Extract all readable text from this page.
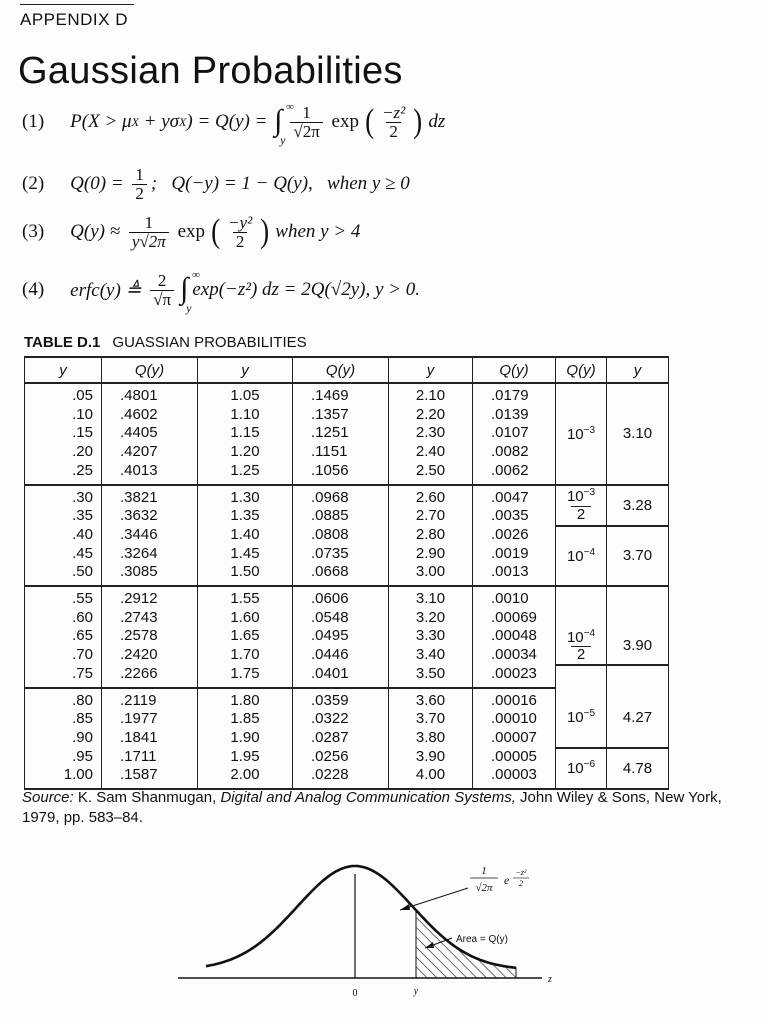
APPENDIX D
Gaussian Probabilities
(1) P(X > μ X + yσ X ) = Q(y) = ∫ ∞
y $\frac{1}{√2\pi}$ exp ( $\frac{\text{−z²}}{2}$ ) dz
(2) $Q(0) = \frac{1}{2}$ ;   Q(−y) = 1 − Q(y),   when y ≥ 0
(3) $Q(y) \approx \frac{1}{y√2\pi}$ exp ( $\frac{\text{−y²}}{2}$ ) when y > 4
(4) erfc(y) ≜ $\frac{2}{√\pi}$ ∫ ∞
y
exp(−z²) dz = 2Q(√2y), y > 0.
TABLE D.1 GUASSIAN PROBABILITIES
y	Q(y)	y	Q(y)	y	Q(y)	Q(y)	y
.05	.4801	1.05	.1469	2.10	.0179	$10^{-3}$	3.10
.10	.4602	1.10	.1357	2.20	.0139		
.15	.4405	1.15	.1251	2.30	.0107		
.20	.4207	1.20	.1151	2.40	.0082		
.25	.4013	1.25	.1056	2.50	.0062		
.30	.3821	1.30	.0968	2.60	.0047	$\frac{10^{-3}}{2}$	3.28
.35	.3632	1.35	.0885	2.70	.0035		
.40	.3446	1.40	.0808	2.80	.0026	$10^{-4}$	3.70
.45	.3264	1.45	.0735	2.90	.0019		
.50	.3085	1.50	.0668	3.00	.0013		
.55	.2912	1.55	.0606	3.10	.0010		
.60	.2743	1.60	.0548	3.20	.00069		
.65	.2578	1.65	.0495	3.30	.00048	$\frac{10^{-4}}{2}$	3.90
.70	.2420	1.70	.0446	3.40	.00034		
.75	.2266	1.75	.0401	3.50	.00023		
.80	.2119	1.80	.0359	3.60	.00016	$10^{-5}$	4.27
.85	.1977	1.85	.0322	3.70	.00010		
.90	.1841	1.90	.0287	3.80	.00007		
.95	.1711	1.95	.0256	3.90	.00005	$10^{-6}$	4.78
1.00	.1587	2.00	.0228	4.00	.00003		
Source: K. Sam Shanmugan, Digital and Analog Communication Systems, John Wiley & Sons, New York, 1979, pp. 583–84.
1
√2π
e
−z²
2
Area = Q(y)
0	y
z
